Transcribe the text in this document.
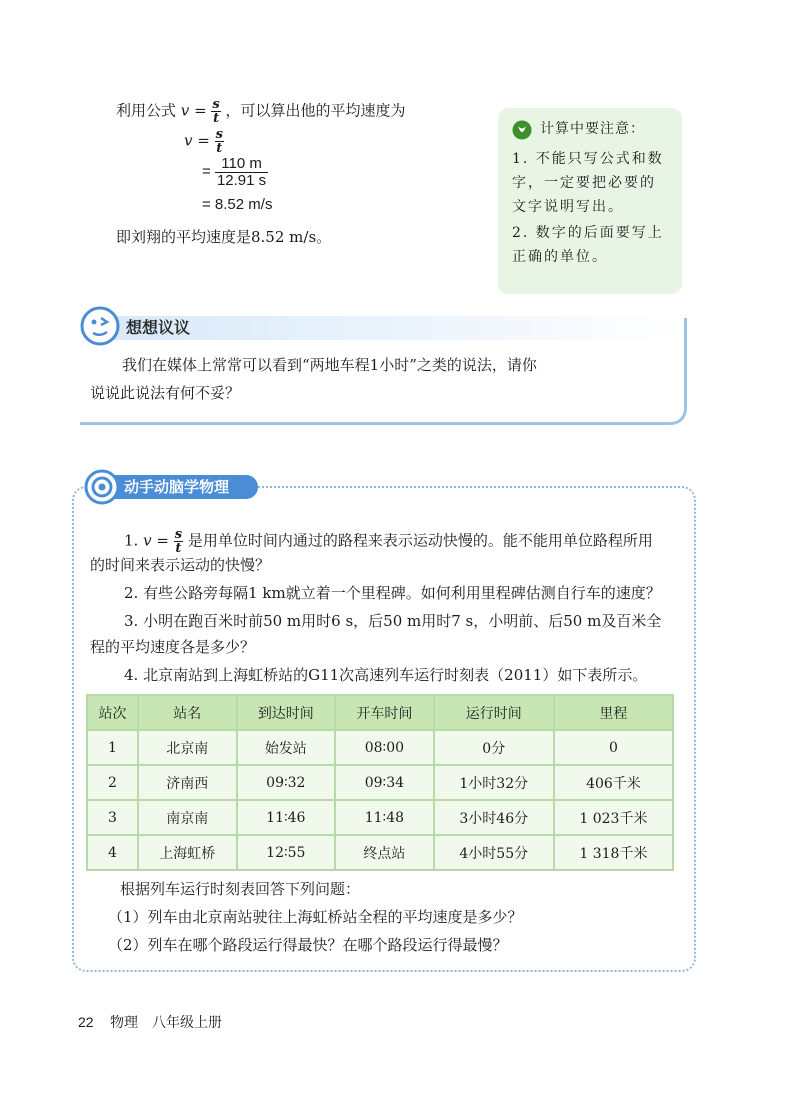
利用公式 $v = \frac{s}{t}$ ，可以算出他的平均速度为
$v = \frac{s}{t}$
= $\frac{110 m}{12.91 s}$
= 8.52 m/s
即刘翔的平均速度是8.52 m/s。
计算中要注意：
1. 不能只写公式和数
字，一定要把必要的
文字说明写出。
2. 数字的后面要写上
正确的单位。
想想议议
我们在媒体上常常可以看到“两地车程1小时”之类的说法，请你
说说此说法有何不妥？
动手动脑学物理
1. $v = \frac{s}{t}$ 是用单位时间内通过的路程来表示运动快慢的。能不能用单位路程所用
的时间来表示运动的快慢？
2. 有些公路旁每隔1 km就立着一个里程碑。如何利用里程碑估测自行车的速度？
3. 小明在跑百米时前50 m用时6 s，后50 m用时7 s，小明前、后50 m及百米全
程的平均速度各是多少？
4. 北京南站到上海虹桥站的G11次高速列车运行时刻表（2011）如下表所示。
站次	站名	到达时间	开车时间	运行时间	里程
1	北京南	始发站	08∶00	0分	0
2	济南西	09∶32	09∶34	1小时32分	406千米
3	南京南	11∶46	11∶48	3小时46分	1 023千米
4	上海虹桥	12∶55	终点站	4小时55分	1 318千米
根据列车运行时刻表回答下列问题：
（1）列车由北京南站驶往上海虹桥站全程的平均速度是多少？
（2）列车在哪个路段运行得最快？在哪个路段运行得最慢？
22 物理　八年级上册
